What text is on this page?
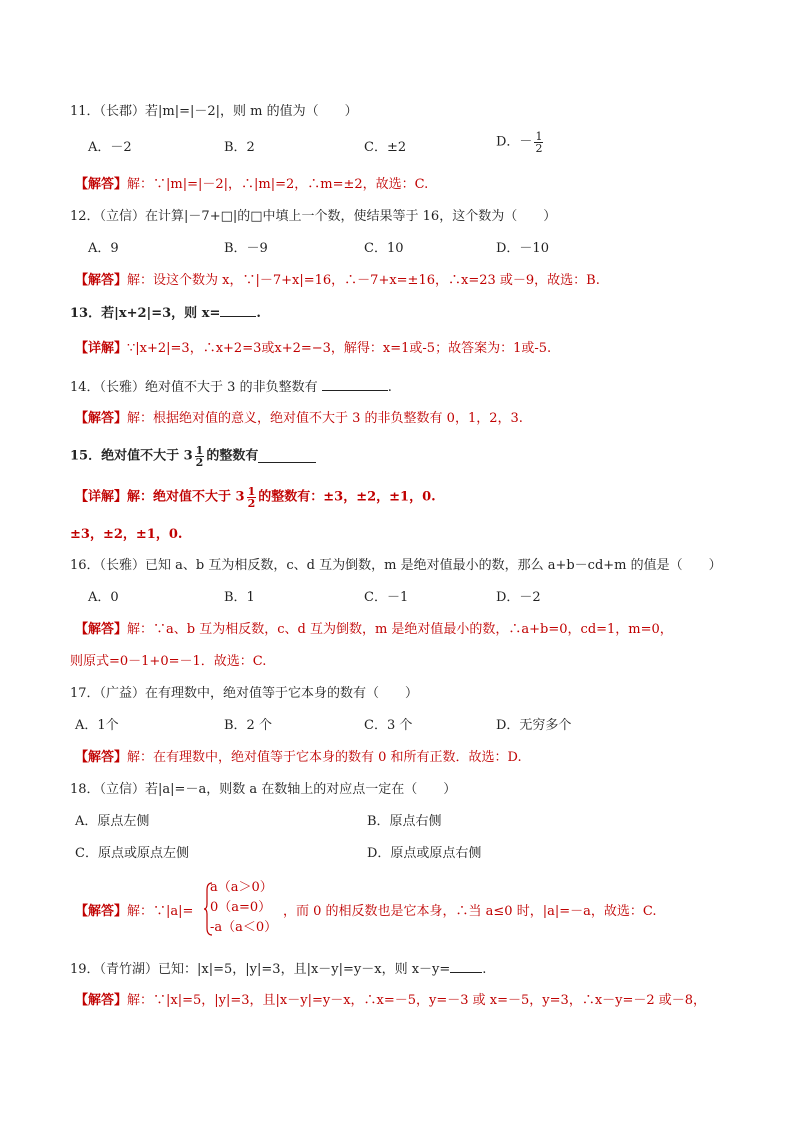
11．（长郡）若|m|=|－2|，则 m 的值为（　　）
A．－2	B．2	C．±2	D．－ $\frac{1}{2}$
【解答】解：∵|m|=|－2|，∴|m|=2，∴m=±2，故选：C.
12．（立信）在计算|－7+□|的□中填上一个数，使结果等于 16，这个数为（　　）
A．9	B．－9	C．10	D．－10
【解答】解：设这个数为 x，∵|－7+x|=16，∴－7+x=±16，∴x=23 或－9，故选：B.
13．若|x+2|=3，则 x=	.
【详解】∵|x+2|=3，∴x+2=3或x+2=−3，解得：x=1或-5；故答案为：1或-5.
14．（长雅）绝对值不大于 3 的非负整数有	.
【解答】解：根据绝对值的意义，绝对值不大于 3 的非负整数有 0，1，2，3.
15．绝对值不大于 $3 \frac{1}{2}$ 的整数有
【详解】解：绝对值不大于 $3 \frac{1}{2}$ 的整数有：±3，±2，±1，0.
±3，±2，±1，0.
16．（长雅）已知 a、b 互为相反数，c、d 互为倒数，m 是绝对值最小的数，那么 a+b－cd+m 的值是（　　）
A．0	B．1	C．－1	D．－2
【解答】解：∵a、b 互为相反数，c、d 互为倒数，m 是绝对值最小的数，∴a+b=0，cd=1，m=0，
则原式=0－1+0=－1．故选：C.
17．（广益）在有理数中，绝对值等于它本身的数有（　　）
A．1个	B．2 个	C．3 个	D．无穷多个
【解答】解：在有理数中，绝对值等于它本身的数有 0 和所有正数．故选：D.
18．（立信）若|a|=－a，则数 a 在数轴上的对应点一定在（　　）
A．原点左侧	B．原点右侧
C．原点或原点左侧	D．原点或原点右侧
【解答】解：∵|a|=
a（a＞0）
0（a=0）
-a（a＜0）
，而 0 的相反数也是它本身，∴当 a≤0 时，|a|=－a，故选：C.
19．（青竹湖）已知：|x|=5，|y|=3，且|x－y|=y－x，则 x－y= .
【解答】解：∵|x|=5，|y|=3，且|x－y|=y－x，∴x=－5，y=－3 或 x=－5，y=3，∴x－y=－2 或－8，
